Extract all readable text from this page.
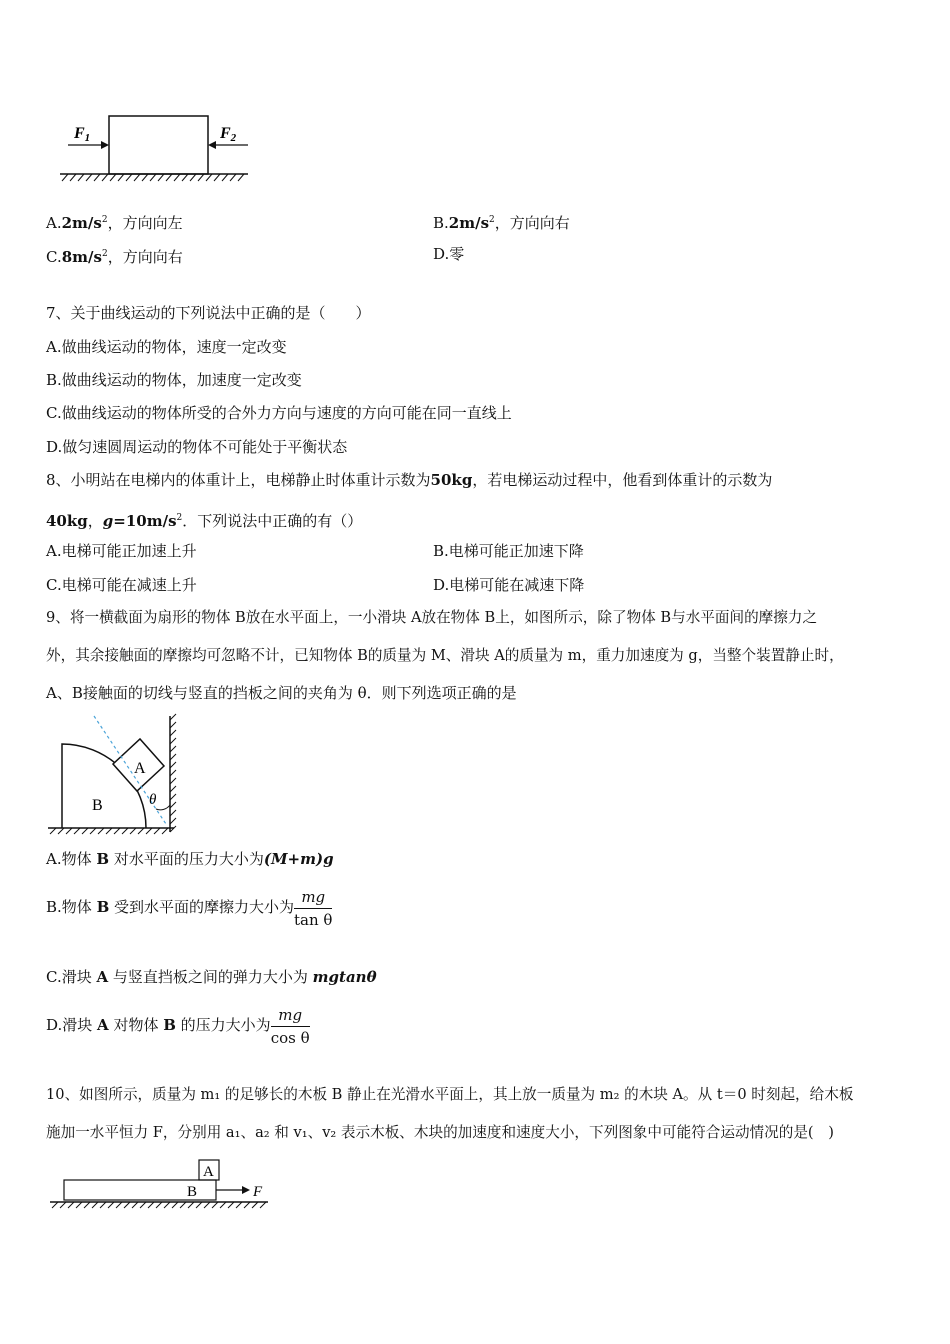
F1	F2
$A.2m/s^2$，方向向左	$B.2m/s^2$，方向向右
$C.8m/s^2$，方向向右	D.零
7、关于曲线运动的下列说法中正确的是（　　）
A.做曲线运动的物体，速度一定改变
B.做曲线运动的物体，加速度一定改变
C.做曲线运动的物体所受的合外力方向与速度的方向可能在同一直线上
D.做匀速圆周运动的物体不可能处于平衡状态
8、小明站在电梯内的体重计上，电梯静止时体重计示数为50kg，若电梯运动过程中，他看到体重计的示数为
40kg，$g=10m/s^2$．下列说法中正确的有（）
A.电梯可能正加速上升	B.电梯可能正加速下降
C.电梯可能在减速上升	D.电梯可能在减速下降
9、将一横截面为扇形的物体 B放在水平面上，一小滑块 A放在物体 B上，如图所示，除了物体 B与水平面间的摩擦力之
外，其余接触面的摩擦均可忽略不计，已知物体 B的质量为 M、滑块 A的质量为 m，重力加速度为 g，当整个装置静止时，
A、B接触面的切线与竖直的挡板之间的夹角为 θ．则下列选项正确的是
A
B	θ
A.物体 B 对水平面的压力大小为(M+m)g
B.物体 B 受到水平面的摩擦力大小为 $\frac{mg}{\text{tan θ}}$
C.滑块 A 与竖直挡板之间的弹力大小为 mgtanθ
D.滑块 A 对物体 B 的压力大小为 $\frac{mg}{\text{cos θ}}$
10、如图所示，质量为 m₁ 的足够长的木板 B 静止在光滑水平面上，其上放一质量为 m₂ 的木块 A。从 t＝0 时刻起，给木板
施加一水平恒力 F，分别用 a₁、a₂ 和 v₁、v₂ 表示木板、木块的加速度和速度大小，下列图象中可能符合运动情况的是(　)
A
B	F
